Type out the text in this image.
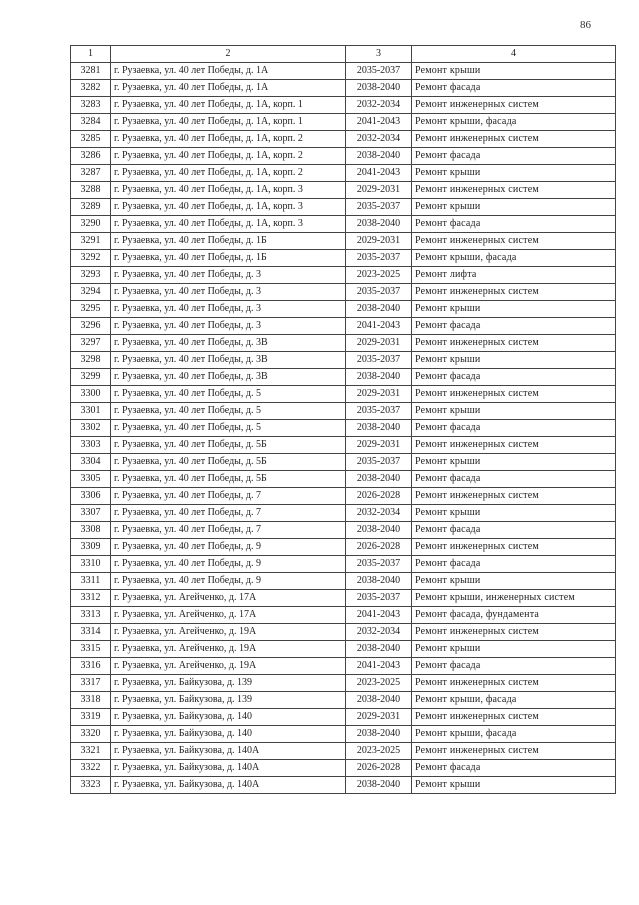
86
1	2	3	4
3281	г. Рузаевка, ул. 40 лет Победы, д. 1А	2035-2037	Ремонт крыши
3282	г. Рузаевка, ул. 40 лет Победы, д. 1А	2038-2040	Ремонт фасада
3283	г. Рузаевка, ул. 40 лет Победы, д. 1А, корп. 1	2032-2034	Ремонт инженерных систем
3284	г. Рузаевка, ул. 40 лет Победы, д. 1А, корп. 1	2041-2043	Ремонт крыши, фасада
3285	г. Рузаевка, ул. 40 лет Победы, д. 1А, корп. 2	2032-2034	Ремонт инженерных систем
3286	г. Рузаевка, ул. 40 лет Победы, д. 1А, корп. 2	2038-2040	Ремонт фасада
3287	г. Рузаевка, ул. 40 лет Победы, д. 1А, корп. 2	2041-2043	Ремонт крыши
3288	г. Рузаевка, ул. 40 лет Победы, д. 1А, корп. 3	2029-2031	Ремонт инженерных систем
3289	г. Рузаевка, ул. 40 лет Победы, д. 1А, корп. 3	2035-2037	Ремонт крыши
3290	г. Рузаевка, ул. 40 лет Победы, д. 1А, корп. 3	2038-2040	Ремонт фасада
3291	г. Рузаевка, ул. 40 лет Победы, д. 1Б	2029-2031	Ремонт инженерных систем
3292	г. Рузаевка, ул. 40 лет Победы, д. 1Б	2035-2037	Ремонт крыши, фасада
3293	г. Рузаевка, ул. 40 лет Победы, д. 3	2023-2025	Ремонт лифта
3294	г. Рузаевка, ул. 40 лет Победы, д. 3	2035-2037	Ремонт инженерных систем
3295	г. Рузаевка, ул. 40 лет Победы, д. 3	2038-2040	Ремонт крыши
3296	г. Рузаевка, ул. 40 лет Победы, д. 3	2041-2043	Ремонт фасада
3297	г. Рузаевка, ул. 40 лет Победы, д. 3В	2029-2031	Ремонт инженерных систем
3298	г. Рузаевка, ул. 40 лет Победы, д. 3В	2035-2037	Ремонт крыши
3299	г. Рузаевка, ул. 40 лет Победы, д. 3В	2038-2040	Ремонт фасада
3300	г. Рузаевка, ул. 40 лет Победы, д. 5	2029-2031	Ремонт инженерных систем
3301	г. Рузаевка, ул. 40 лет Победы, д. 5	2035-2037	Ремонт крыши
3302	г. Рузаевка, ул. 40 лет Победы, д. 5	2038-2040	Ремонт фасада
3303	г. Рузаевка, ул. 40 лет Победы, д. 5Б	2029-2031	Ремонт инженерных систем
3304	г. Рузаевка, ул. 40 лет Победы, д. 5Б	2035-2037	Ремонт крыши
3305	г. Рузаевка, ул. 40 лет Победы, д. 5Б	2038-2040	Ремонт фасада
3306	г. Рузаевка, ул. 40 лет Победы, д. 7	2026-2028	Ремонт инженерных систем
3307	г. Рузаевка, ул. 40 лет Победы, д. 7	2032-2034	Ремонт крыши
3308	г. Рузаевка, ул. 40 лет Победы, д. 7	2038-2040	Ремонт фасада
3309	г. Рузаевка, ул. 40 лет Победы, д. 9	2026-2028	Ремонт инженерных систем
3310	г. Рузаевка, ул. 40 лет Победы, д. 9	2035-2037	Ремонт фасада
3311	г. Рузаевка, ул. 40 лет Победы, д. 9	2038-2040	Ремонт крыши
3312	г. Рузаевка, ул. Агейченко, д. 17А	2035-2037	Ремонт крыши, инженерных систем
3313	г. Рузаевка, ул. Агейченко, д. 17А	2041-2043	Ремонт фасада, фундамента
3314	г. Рузаевка, ул. Агейченко, д. 19А	2032-2034	Ремонт инженерных систем
3315	г. Рузаевка, ул. Агейченко, д. 19А	2038-2040	Ремонт крыши
3316	г. Рузаевка, ул. Агейченко, д. 19А	2041-2043	Ремонт фасада
3317	г. Рузаевка, ул. Байкузова, д. 139	2023-2025	Ремонт инженерных систем
3318	г. Рузаевка, ул. Байкузова, д. 139	2038-2040	Ремонт крыши, фасада
3319	г. Рузаевка, ул. Байкузова, д. 140	2029-2031	Ремонт инженерных систем
3320	г. Рузаевка, ул. Байкузова, д. 140	2038-2040	Ремонт крыши, фасада
3321	г. Рузаевка, ул. Байкузова, д. 140А	2023-2025	Ремонт инженерных систем
3322	г. Рузаевка, ул. Байкузова, д. 140А	2026-2028	Ремонт фасада
3323	г. Рузаевка, ул. Байкузова, д. 140А	2038-2040	Ремонт крыши
